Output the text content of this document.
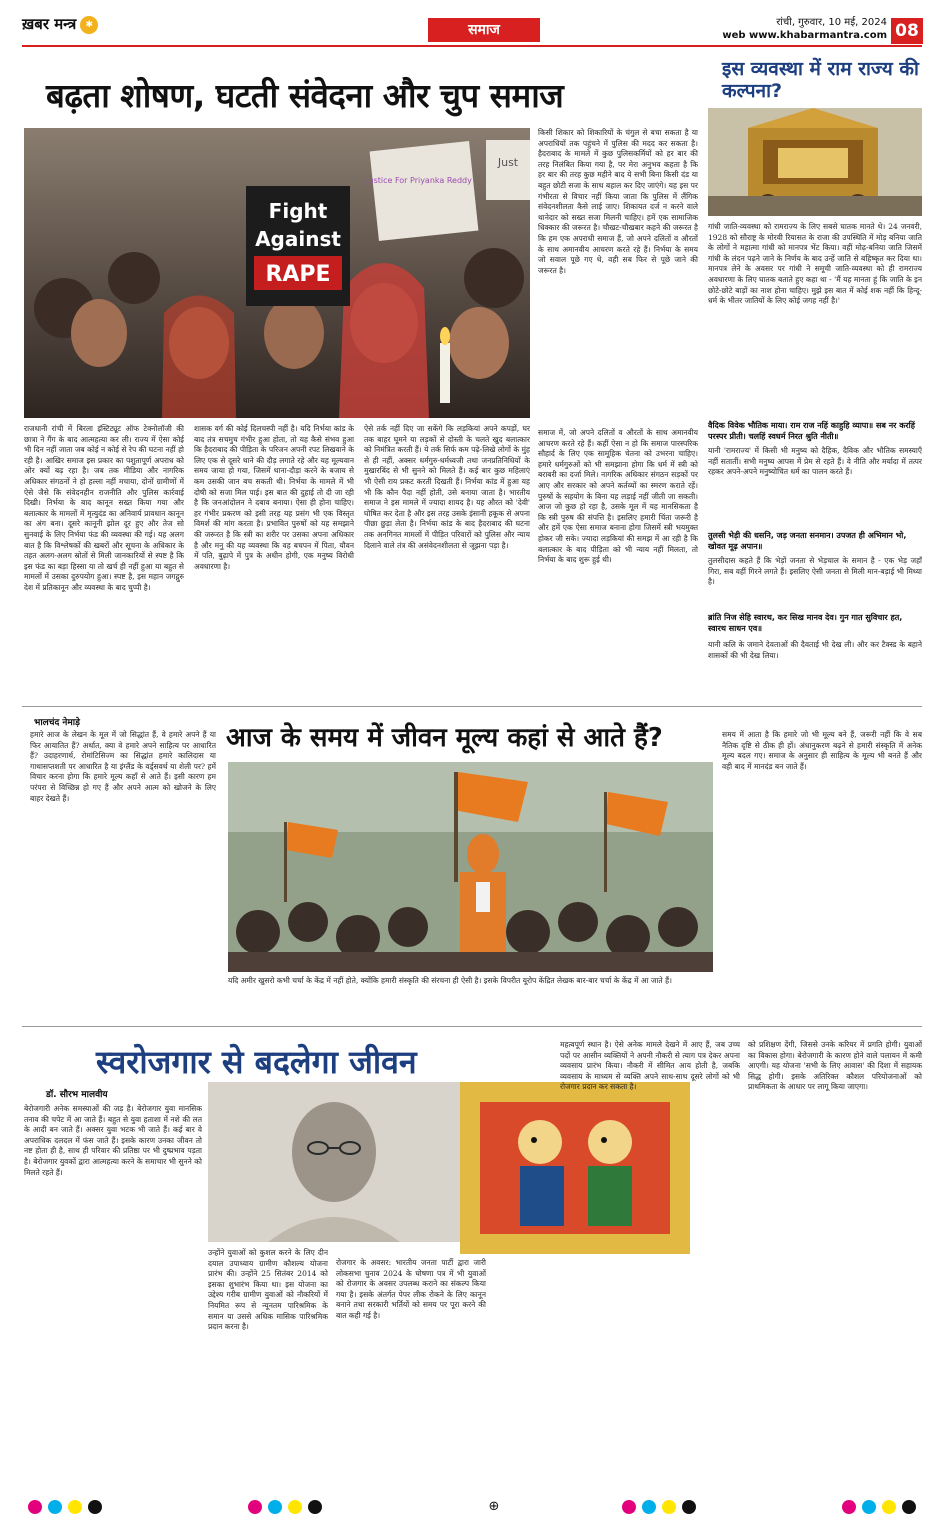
ख़बर मन्त्र ✱	समाज	रांची, गुरुवार, 10 मई, 2024
web www.khabarmantra.com 08
बढ़ता शोषण, घटती संवेदना और चुप समाज
Fight
Against
RAPE
Justice For Priyanka Reddy
Just

राजधानी रांची में बिरला इंस्टिट्यूट ऑफ टेक्नोलॉजी की छात्रा ने गैंग के बाद आत्महत्या कर ली। राज्य में ऐसा कोई भी दिन नहीं जाता जब कोई न कोई से रेप की घटना नहीं हो रही है। आखिर समाज इस प्रकार का पशुतापूर्ण अपराध को ओर क्यों बढ़ रहा है। जब तक मीडिया और नागरिक अधिकार संगठनों ने हो हल्ला नहीं मचाया, दोनों ग्रामीणों में ऐसे जैसे कि संवेदनहीन राजनीति और पुलिस कार्रवाई दिखी। निर्भया के बाद कानून सख्त किया गया और बलात्कार के मामलों में मृत्युदंड का अनिवार्य प्रावधान कानून का अंग बना। दूसरे कानूनी झोल दूर हुए और तेज सो सुनवाई के लिए निर्भया फंड की व्यवस्था की गई। यह अलग बात है कि विश्लेषकों की खबरों और सूचना के अधिकार के तहत अलग-अलग स्रोतों से मिली जानकारियों से स्पष्ट है कि इस फंड का बड़ा हिस्सा या तो खर्च ही नहीं हुआ या बहुत से मामलों में उसका दुरुपयोग हुआ। स्पष्ट है, इस महान जगद्गुरु देश में प्रतिकानून और व्यवस्था के बाद चुप्पी है।

शासक वर्ग की कोई दिलचस्पी नहीं है। यदि निर्भया कांड के बाद तंत्र सचमुच गंभीर हुआ होता, तो यह कैसे संभव हुआ कि हैदराबाद की पीड़िता के परिजन अपनी रपट लिखवाने के लिए एक से दूसरे थाने की दौड़ लगाते रहे और यह मूल्यवान समय जाया हो गया, जिसमें थाना-दौड़ा करने के बजाय से कम उसकी जान बच सकती थी। निर्भया के मामले में भी दोषी को सजा मिल पाई। इस बात की दुहाई तो दी जा रही है कि जनआंदोलन ने दबाव बनाया। ऐसा ही होना चाहिए। हर गंभीर प्रकरण को इसी तरह यह प्रसंग भी एक विस्तृत विमर्श की मांग करता है। प्रभावित पुरुषों को यह समझाने की जरूरत है कि स्त्री का शरीर पर उसका अपना अधिकार है और मनु की यह व्यवस्था कि वह बचपन में पिता, यौवन में पति, बुढ़ापे में पुत्र के अधीन होगी, एक मनुष्य विरोधी अवधारणा है।

ऐसे तर्क नहीं दिए जा सकेंगे कि लड़कियां अपने कपड़ों, घर तक बाहर घूमने या लड़कों से दोस्ती के चलते खुद बलात्कार को निमंत्रित करती हैं। ये तर्क सिर्फ कम पढ़े-लिखे लोगों के मुंह से ही नहीं, अक्सर धर्मगुरु-धर्मध्वजी तथा जनप्रतिनिधियों के मुखारबिंद से भी सुनने को मिलते हैं। कई बार कुछ महिलाएं भी ऐसी राय प्रकट करती दिखती हैं। निर्भया कांड में हुआ यह भी कि कौन पैदा नहीं होती, उसे बनाया जाता है। भारतीय समाज ने इस मामले में ज्यादा शायद है। यह औरत को 'देवी' घोषित कर देता है और इस तरह उसके इंसानी हकूक से अपना पीछा छुड़ा लेता है। निर्भया कांड के बाद हैदराबाद की घटना तक अनगिनत मामलों में पीड़ित परिवारों को पुलिस और न्याय दिलाने वाले तंत्र की असंवेदनशीलता से जूझना पड़ा है।

किसी शिकार को शिकारियों के चंगुल से बचा सकता है या अपराधियों तक पहुंचने में पुलिस की मदद कर सकता है। हैदराबाद के मामले में कुछ पुलिसकर्मियों को हर बार की तरह निलंबित किया गया है, पर मेरा अनुभव कहता है कि हर बार की तरह कुछ महीने बाद ये सभी बिना किसी दंड या बहुत छोटी सजा के साथ बहाल कर दिए जाएंगे। यह इस पर गंभीरता से विचार नहीं किया जाता कि पुलिस में लैंगिक संवेदनशीलता कैसे लाई जाए। शिकायत दर्ज न करने वाले थानेदार को सख्त सजा मिलनी चाहिए। हमें एक सामाजिक धिक्कार की जरूरत है। चौखट-चौखबार कहने की जरूरत है कि हम एक अपराधी समाज हैं, जो अपने दलितों व औरतों के साथ अमानवीय आचरण करते रहे हैं। निर्भया के समय जो सवाल पूछे गए थे, वही सब फिर से पूछे जाने की जरूरत है।

समाज में, जो अपने दलितों व औरतों के साथ अमानवीय आचरण करते रहे हैं। कहीं ऐसा न हो कि समाज पारस्परिक सौहार्द के लिए एक सामूहिक चेतना को उभरना चाहिए। हमारे धर्मगुरुओं को भी समझाना होगा कि धर्म में स्त्री को बराबरी का दर्जा मिले। नागरिक अधिकार संगठन सड़कों पर आए और सरकार को अपने कर्तव्यों का स्मरण कराते रहें। पुरुषों के सहयोग के बिना यह लड़ाई नहीं जीती जा सकती। आज जो कुछ हो रहा है, उसके मूल में यह मानसिकता है कि स्त्री पुरुष की संपत्ति है। इसलिए हमारी चिंता जरूरी है और हमें एक ऐसा समाज बनाना होगा जिसमें स्त्री भयमुक्त होकर जी सके। ज्यादा लड़कियां की समझ में आ रही है कि बलात्कार के बाद पीड़िता को भी न्याय नहीं मिलता, तो निर्भया के बाद शुरू हुई थी।

इस व्यवस्था में राम राज्य की कल्पना?

गांधी जाति-व्यवस्था को रामराज्य के लिए सबसे घातक मानते थे। 24 जनवरी, 1928 को सौराष्ट्र के मोरवी रियासत के राजा की उपस्थिति में मोड़ बनिया जाति के लोगों ने महात्मा गांधी को मानपत्र भेंट किया। वहीं मोढ़-बनिया जाति जिसमें गांधी के लंदन पढ़ने जाने के निर्णय के बाद उन्हें जाति से बहिष्कृत कर दिया था। मानपत्र लेने के अवसर पर गांधी ने समूची जाति-व्यवस्था को ही रामराज्य अवधारणा के लिए घातक बताते हुए कहा था - 'मैं यह मानता हूं कि जाति के इन छोटे-छोटे बाड़ों का नाश होना चाहिए। मुझे इस बात में कोई शक नहीं कि हिन्दू-धर्म के भीतर जातियों के लिए कोई जगह नहीं है।'

वैदिक विवेक भौतिक माया। राम राज नहिं काहुहि व्यापा॥ सब नर करहिं परस्पर प्रीती। चलहिं स्वधर्म निरत श्रुति नीती॥

यानी 'रामराज्य' में किसी भी मनुष्य को दैहिक, दैविक और भौतिक समस्याएँ नहीं सतातीं। सभी मनुष्य आपस में प्रेम से रहते हैं। वे नीति और मर्यादा में तत्पर रहकर अपने-अपने मनुष्योचित धर्म का पालन करते हैं।

तुलसी भेड़ी की धसनि, जड़ जनता सनमान। उपजत ही अभिमान भो, खोवत मूढ़ अपान॥

तुलसीदास कहते हैं कि भेड़ों जनता से भेड़चाल के समान है - एक भेड़ जहाँ गिरा, सब वहीं गिरने लगते हैं। इसलिए ऐसी जनता से मिली मान-बड़ाई भी मिथ्या है।

ब्रांति निज सेहि स्वारथ, कर सिख मानव देव। गुन गात सुविचार हत, स्वारथ साधन एव॥

यानी कलि के जमाने देवताओं की दैवताई भी देख ली। और कर टैक्स्ड के बहाने शासकों की भी देख लिया।

भालचंद नेमाड़े	आज के समय में जीवन मूल्य कहां से आते हैं?

हमारे आज के लेखन के मूल में जो सिद्धांत हैं, वे हमारे अपने हैं या फिर आयातित हैं? अर्थात, क्या वे हमारे अपने साहित्य पर आधारित हैं? उदाहरणार्थ, रोमांटिसिज्म का सिद्धांत हमारे कालिदास या गाथासप्तशती पर आधारित है या इंग्लैंड के वर्ड्सवर्थ या शेली पर? हमें विचार करना होगा कि हमारे मूल्य कहाँ से आते हैं। इसी कारण हम परंपरा से विच्छिन्न हो गए हैं और अपने आत्म को खोजने के लिए बाहर देखते हैं।

यदि अमीर खुसरो कभी चर्चा के केंद्र में नहीं होते, क्योंकि हमारी संस्कृति की संरचना ही ऐसी है। इसके विपरीत यूरोप केंद्रित लेखक बार-बार चर्चा के केंद्र में आ जाते हैं।

समय में आता है कि हमारे जो भी मूल्य बने हैं, जरूरी नहीं कि वे सब नैतिक दृष्टि से ठीक ही हों। अंधानुकरण बढ़ने से हमारी संस्कृति में अनेक मूल्य बदल गए। समाज के अनुसार ही साहित्य के मूल्य भी बनते हैं और वही बाद में मानदंड बन जाते हैं।

स्वरोजगार से बदलेगा जीवन
डॉ. सौरभ मालवीय

बेरोजगारी अनेक समस्याओं की जड़ है। बेरोजगार युवा मानसिक तनाव की चपेट में आ जाते हैं। बहुत से युवा हताशा में नशे की लत के आदी बन जाते हैं। अक्सर युवा भटक भी जाते हैं। कई बार वे अपराधिक दलदल में फंस जाते हैं। इसके कारण उनका जीवन तो नष्ट होता ही है, साथ ही परिवार की प्रतिष्ठा पर भी दुष्प्रभाव पड़ता है। बेरोजगार युवकों द्वारा आत्महत्या करने के समाचार भी सुनने को मिलते रहते हैं।

उन्होंने युवाओं को कुशल करने के लिए दीन दयाल उपाध्याय ग्रामीण कौशल्य योजना प्रारंभ की। उन्होंने 25 सितंबर 2014 को इसका शुभारंभ किया था। इस योजना का उद्देश्य गरीब ग्रामीण युवाओं को नौकरियों में नियमित रूप से न्यूनतम पारिश्रमिक के समान या उससे अधिक मासिक पारिश्रमिक प्रदान करना है।

रोजगार के अवसर: भारतीय जनता पार्टी द्वारा जारी लोकसभा चुनाव 2024 के घोषणा पत्र में भी युवाओं को रोजगार के अवसर उपलब्ध कराने का संकल्प किया गया है। इसके अंतर्गत पेपर लीक रोकने के लिए कानून बनाने तथा सरकारी भर्तियों को समय पर पूरा करने की बात कही गई है।

महत्वपूर्ण स्थान है। ऐसे अनेक मामले देखने में आए हैं, जब उच्च पदों पर आसीन व्यक्तियों ने अपनी नौकरी से त्याग पत्र देकर अपना व्यवसाय प्रारंभ किया। नौकरी में सीमित आय होती है, जबकि व्यवसाय के माध्यम से व्यक्ति अपने साथ-साथ दूसरे लोगों को भी रोजगार प्रदान कर सकता है।

को प्रशिक्षण देंगी, जिससे उनके करियर में प्रगति होगी। युवाओं का विकास होगा। बेरोजगारी के कारण होने वाले पलायन में कमी आएगी। यह योजना 'सभी के लिए आवास' की दिशा में सहायक सिद्ध होगी। इसके अतिरिक्त कौशल परियोजनाओं को प्राथमिकता के आधार पर लागू किया जाएगा।

⊕
